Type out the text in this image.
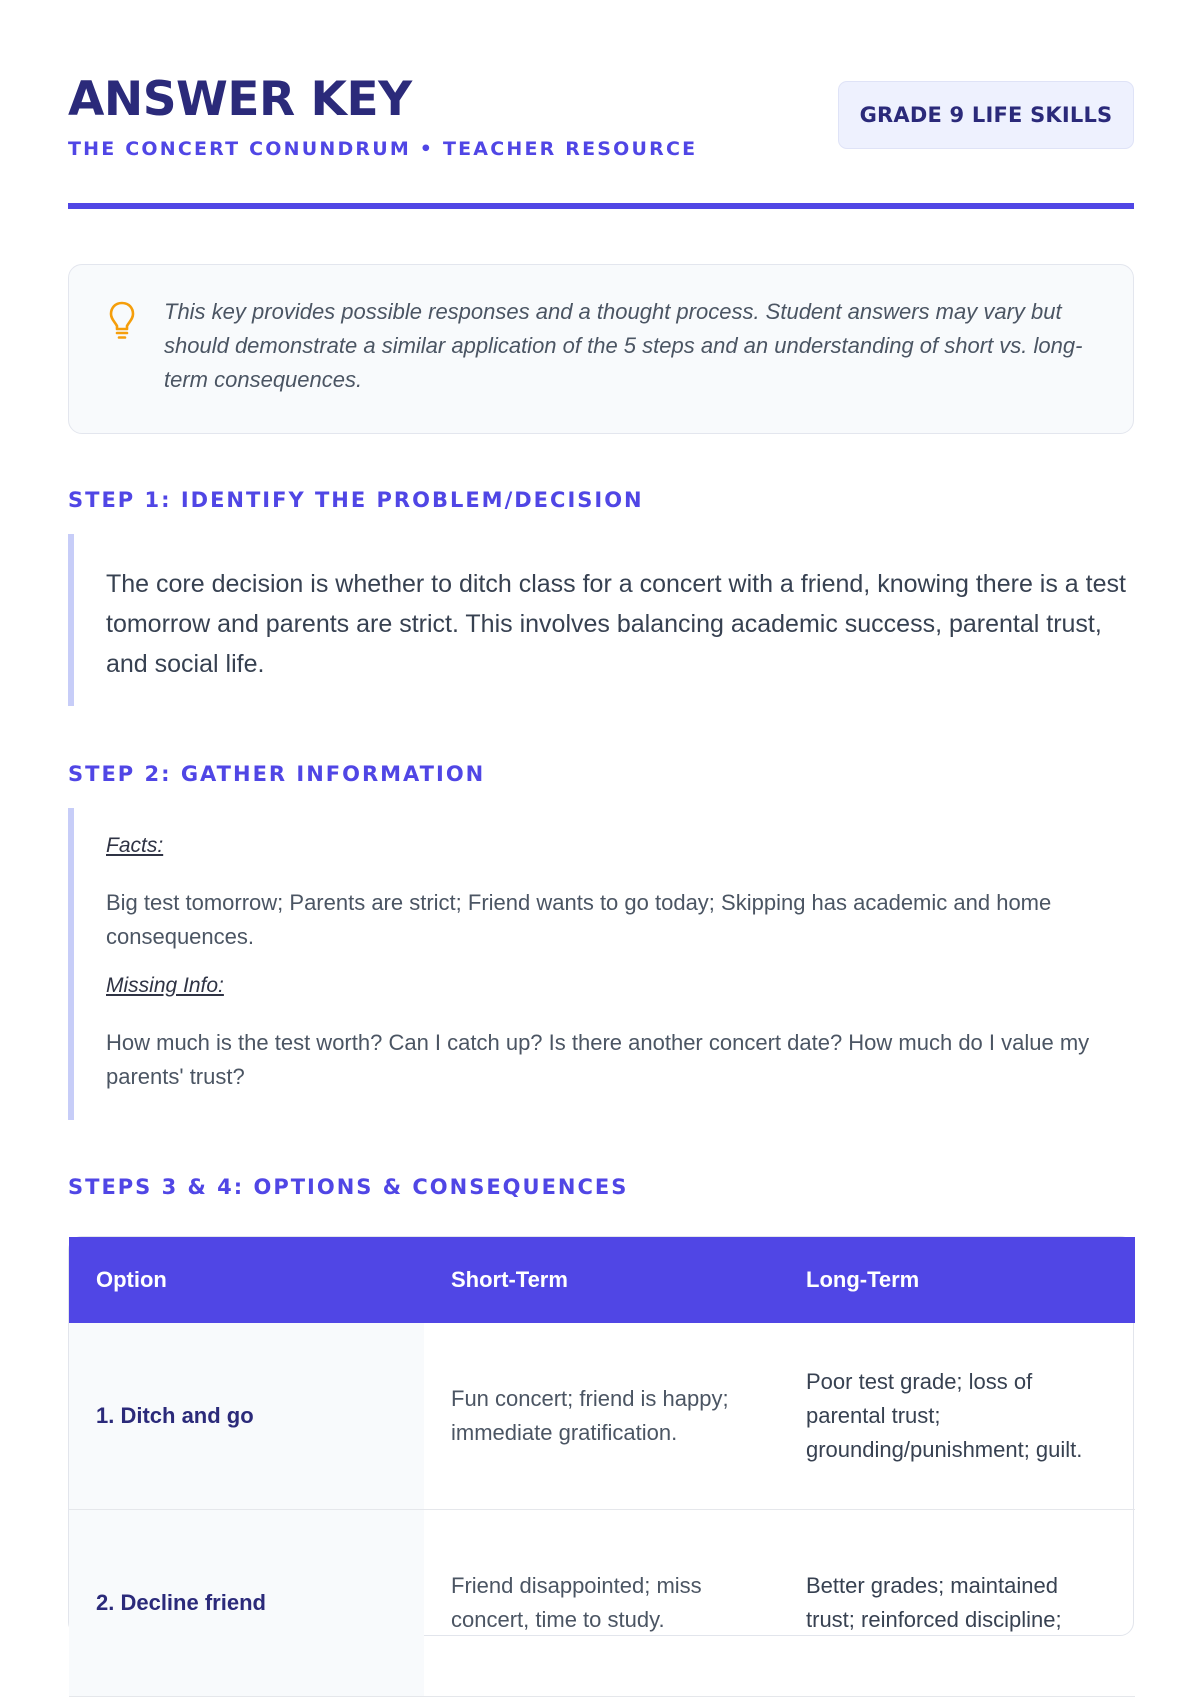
ANSWER KEY
THE CONCERT CONUNDRUM • TEACHER RESOURCE
GRADE 9 LIFE SKILLS

This key provides possible responses and a thought process. Student answers may vary but should demonstrate a similar application of the 5 steps and an understanding of short vs. long-term consequences.

STEP 1: IDENTIFY THE PROBLEM/DECISION

The core decision is whether to ditch class for a concert with a friend, knowing there is a test tomorrow and parents are strict. This involves balancing academic success, parental trust, and social life.

STEP 2: GATHER INFORMATION
Facts:

Big test tomorrow; Parents are strict; Friend wants to go today; Skipping has academic and home consequences.

Missing Info:

How much is the test worth? Can I catch up? Is there another concert date? How much do I value my parents' trust?

STEPS 3 & 4: OPTIONS & CONSEQUENCES
Option	Short-Term	Long-Term
1. Ditch and go	Fun concert; friend is happy; immediate gratification.	Poor test grade; loss of parental trust; grounding/punishment; guilt.
2. Decline friend	Friend disappointed; miss concert, time to study.	Better grades; maintained trust; reinforced discipline;
